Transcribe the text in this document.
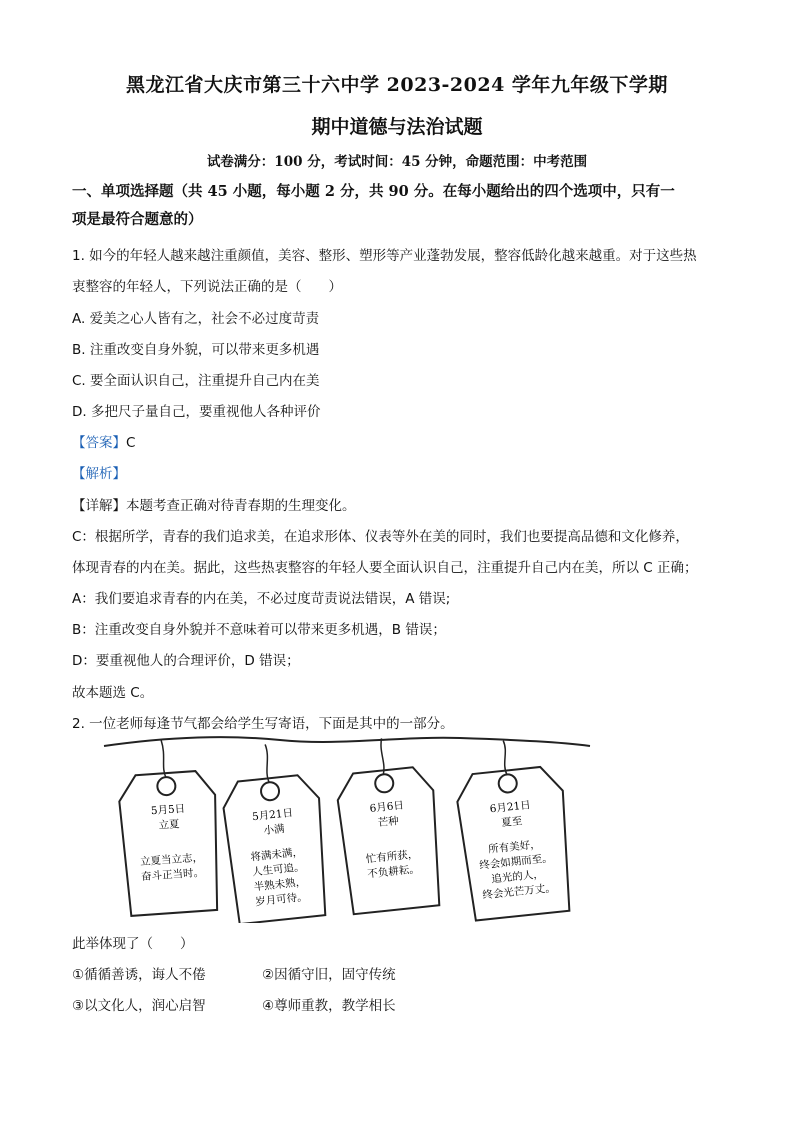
黑龙江省大庆市第三十六中学 2023-2024 学年九年级下学期
期中道德与法治试题
试卷满分：100 分，考试时间：45 分钟，命题范围：中考范围
一、单项选择题（共 45 小题，每小题 2 分，共 90 分。在每小题给出的四个选项中，只有一
项是最符合题意的）
1. 如今的年轻人越来越注重颜值，美容、整形、塑形等产业蓬勃发展，整容低龄化越来越重。对于这些热
衷整容的年轻人，下列说法正确的是（　　）
A. 爱美之心人皆有之，社会不必过度苛责
B. 注重改变自身外貌，可以带来更多机遇
C. 要全面认识自己，注重提升自己内在美
D. 多把尺子量自己，要重视他人各种评价
【答案】C
【解析】
【详解】本题考查正确对待青春期的生理变化。
C：根据所学，青春的我们追求美，在追求形体、仪表等外在美的同时，我们也要提高品德和文化修养，
体现青春的内在美。据此，这些热衷整容的年轻人要全面认识自己，注重提升自己内在美，所以 C 正确；
A：我们要追求青春的内在美，不必过度苛责说法错误，A 错误;
B：注重改变自身外貌并不意味着可以带来更多机遇，B 错误；
D：要重视他人的合理评价，D 错误；
故本题选 C。
2. 一位老师每逢节气都会给学生写寄语，下面是其中的一部分。
5月5日
立夏
立夏当立志，
奋斗正当时。
5月21日
小满
将满未满，
人生可追。
半熟未熟，
岁月可待。
6月6日
芒种
忙有所获，
不负耕耘。
6月21日
夏至
所有美好，
终会如期而至。
追光的人，
终会光芒万丈。
此举体现了（　　）
①循循善诱，诲人不倦	②因循守旧，固守传统
③以文化人，润心启智	④尊师重教，教学相长
